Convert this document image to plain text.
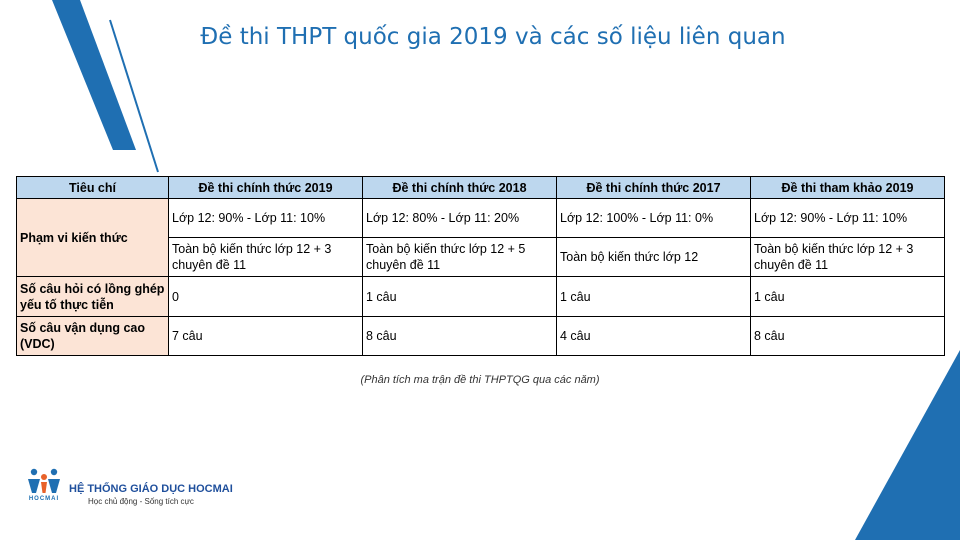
Đề thi THPT quốc gia 2019 và các số liệu liên quan
Tiêu chí	Đề thi chính thức 2019	Đề thi chính thức 2018	Đề thi chính thức 2017	Đề thi tham khảo 2019
Phạm vi kiến thức	Lớp 12: 90% - Lớp 11: 10%	Lớp 12: 80% - Lớp 11: 20%	Lớp 12: 100% - Lớp 11: 0%	Lớp 12: 90% - Lớp 11: 10%
	Toàn bộ kiến thức lớp 12 + 3 chuyên đề 11	Toàn bộ kiến thức lớp 12 + 5 chuyên đề 11	Toàn bộ kiến thức lớp 12	Toàn bộ kiến thức lớp 12 + 3 chuyên đề 11
Số câu hỏi có lồng ghép yếu tố thực tiễn	0	1 câu	1 câu	1 câu
Số câu vận dụng cao (VDC)	7 câu	8 câu	4 câu	8 câu
(Phân tích ma trận đề thi THPTQG qua các năm)
HOCMAI
HỆ THỐNG GIÁO DỤC HOCMAI
Học chủ động - Sống tích cực
